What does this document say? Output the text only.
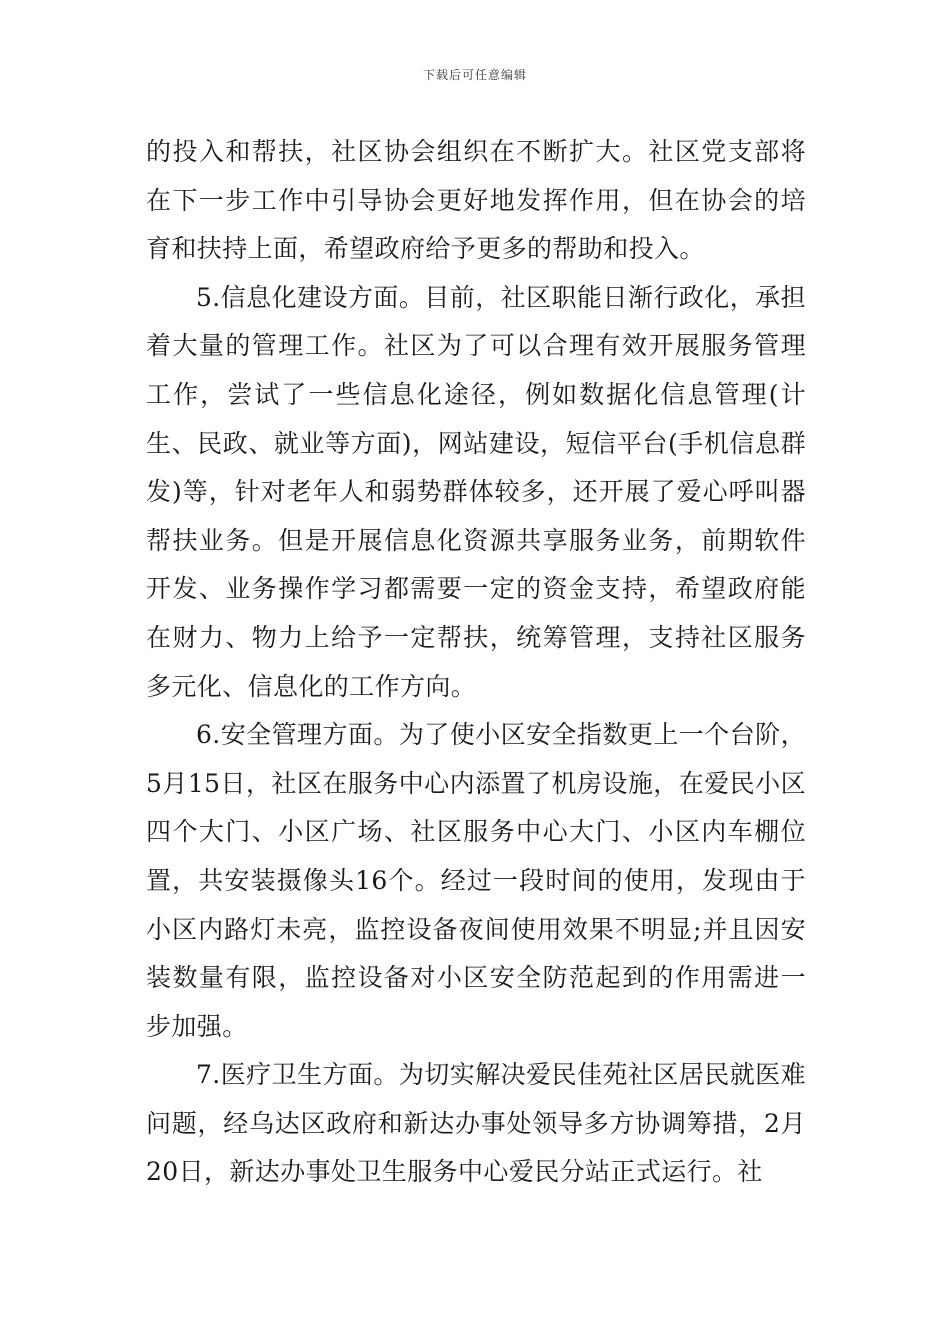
下载后可任意编辑

的投入和帮扶，社区协会组织在不断扩大。社区党支部将在下一步工作中引导协会更好地发挥作用，但在协会的培育和扶持上面，希望政府给予更多的帮助和投入。

5.信息化建设方面。目前，社区职能日渐行政化，承担着大量的管理工作。社区为了可以合理有效开展服务管理工作，尝试了一些信息化途径，例如数据化信息管理(计生、民政、就业等方面)，网站建设，短信平台(手机信息群发)等，针对老年人和弱势群体较多，还开展了爱心呼叫器帮扶业务。但是开展信息化资源共享服务业务，前期软件开发、业务操作学习都需要一定的资金支持，希望政府能在财力、物力上给予一定帮扶，统筹管理，支持社区服务多元化、信息化的工作方向。

6.安全管理方面。为了使小区安全指数更上一个台阶，5月15日，社区在服务中心内添置了机房设施，在爱民小区四个大门、小区广场、社区服务中心大门、小区内车棚位置，共安装摄像头16个。经过一段时间的使用，发现由于小区内路灯未亮，监控设备夜间使用效果不明显;并且因安装数量有限，监控设备对小区安全防范起到的作用需进一步加强。

7.医疗卫生方面。为切实解决爱民佳苑社区居民就医难问题，经乌达区政府和新达办事处领导多方协调筹措，2月20日，新达办事处卫生服务中心爱民分站正式运行。社
